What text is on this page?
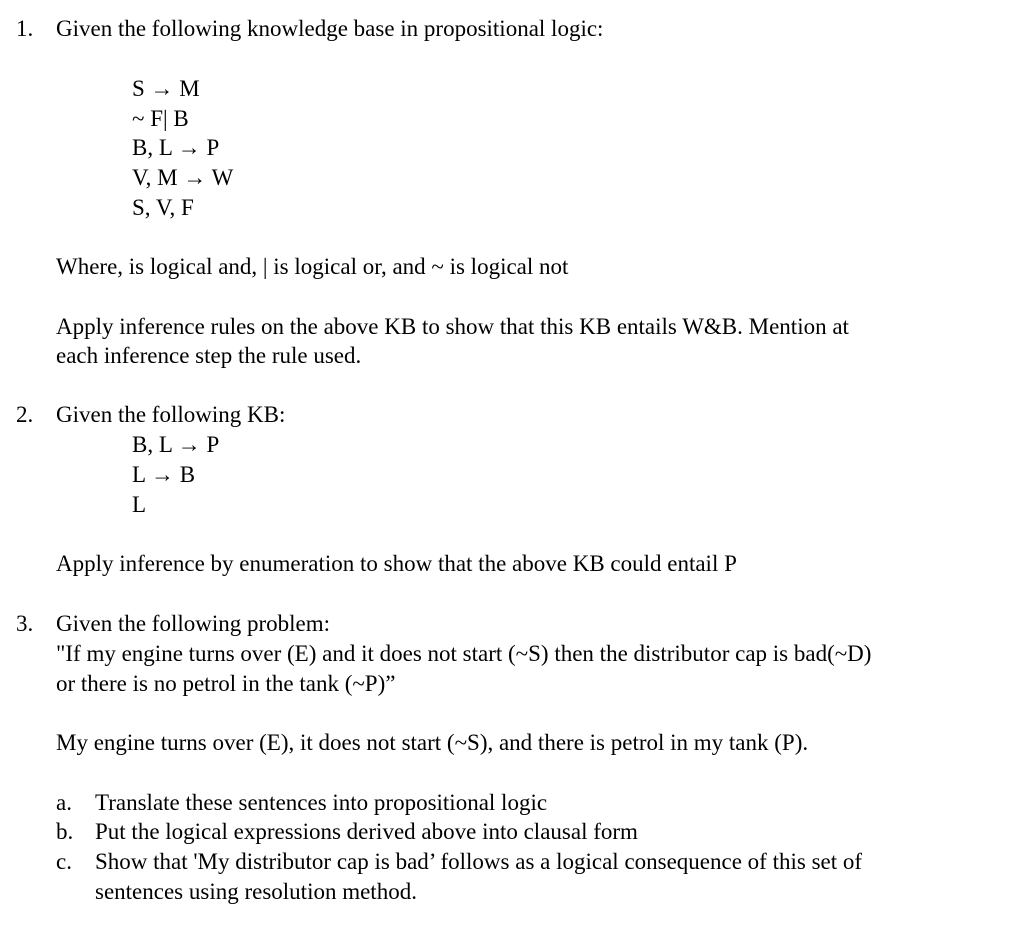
1. Given the following knowledge base in propositional logic:
S → M
~ F| B
B, L → P
V, M → W
S, V, F
Where, is logical and, | is logical or, and ~ is logical not
Apply inference rules on the above KB to show that this KB entails W&B. Mention at
each inference step the rule used.
2. Given the following KB:
B, L → P
L → B
L
Apply inference by enumeration to show that the above KB could entail P
3. Given the following problem:
"If my engine turns over (E) and it does not start (~S) then the distributor cap is bad(~D)
or there is no petrol in the tank (~P)”
My engine turns over (E), it does not start (~S), and there is petrol in my tank (P).
a. Translate these sentences into propositional logic
b. Put the logical expressions derived above into clausal form
c. Show that 'My distributor cap is bad’ follows as a logical consequence of this set of
sentences using resolution method.
